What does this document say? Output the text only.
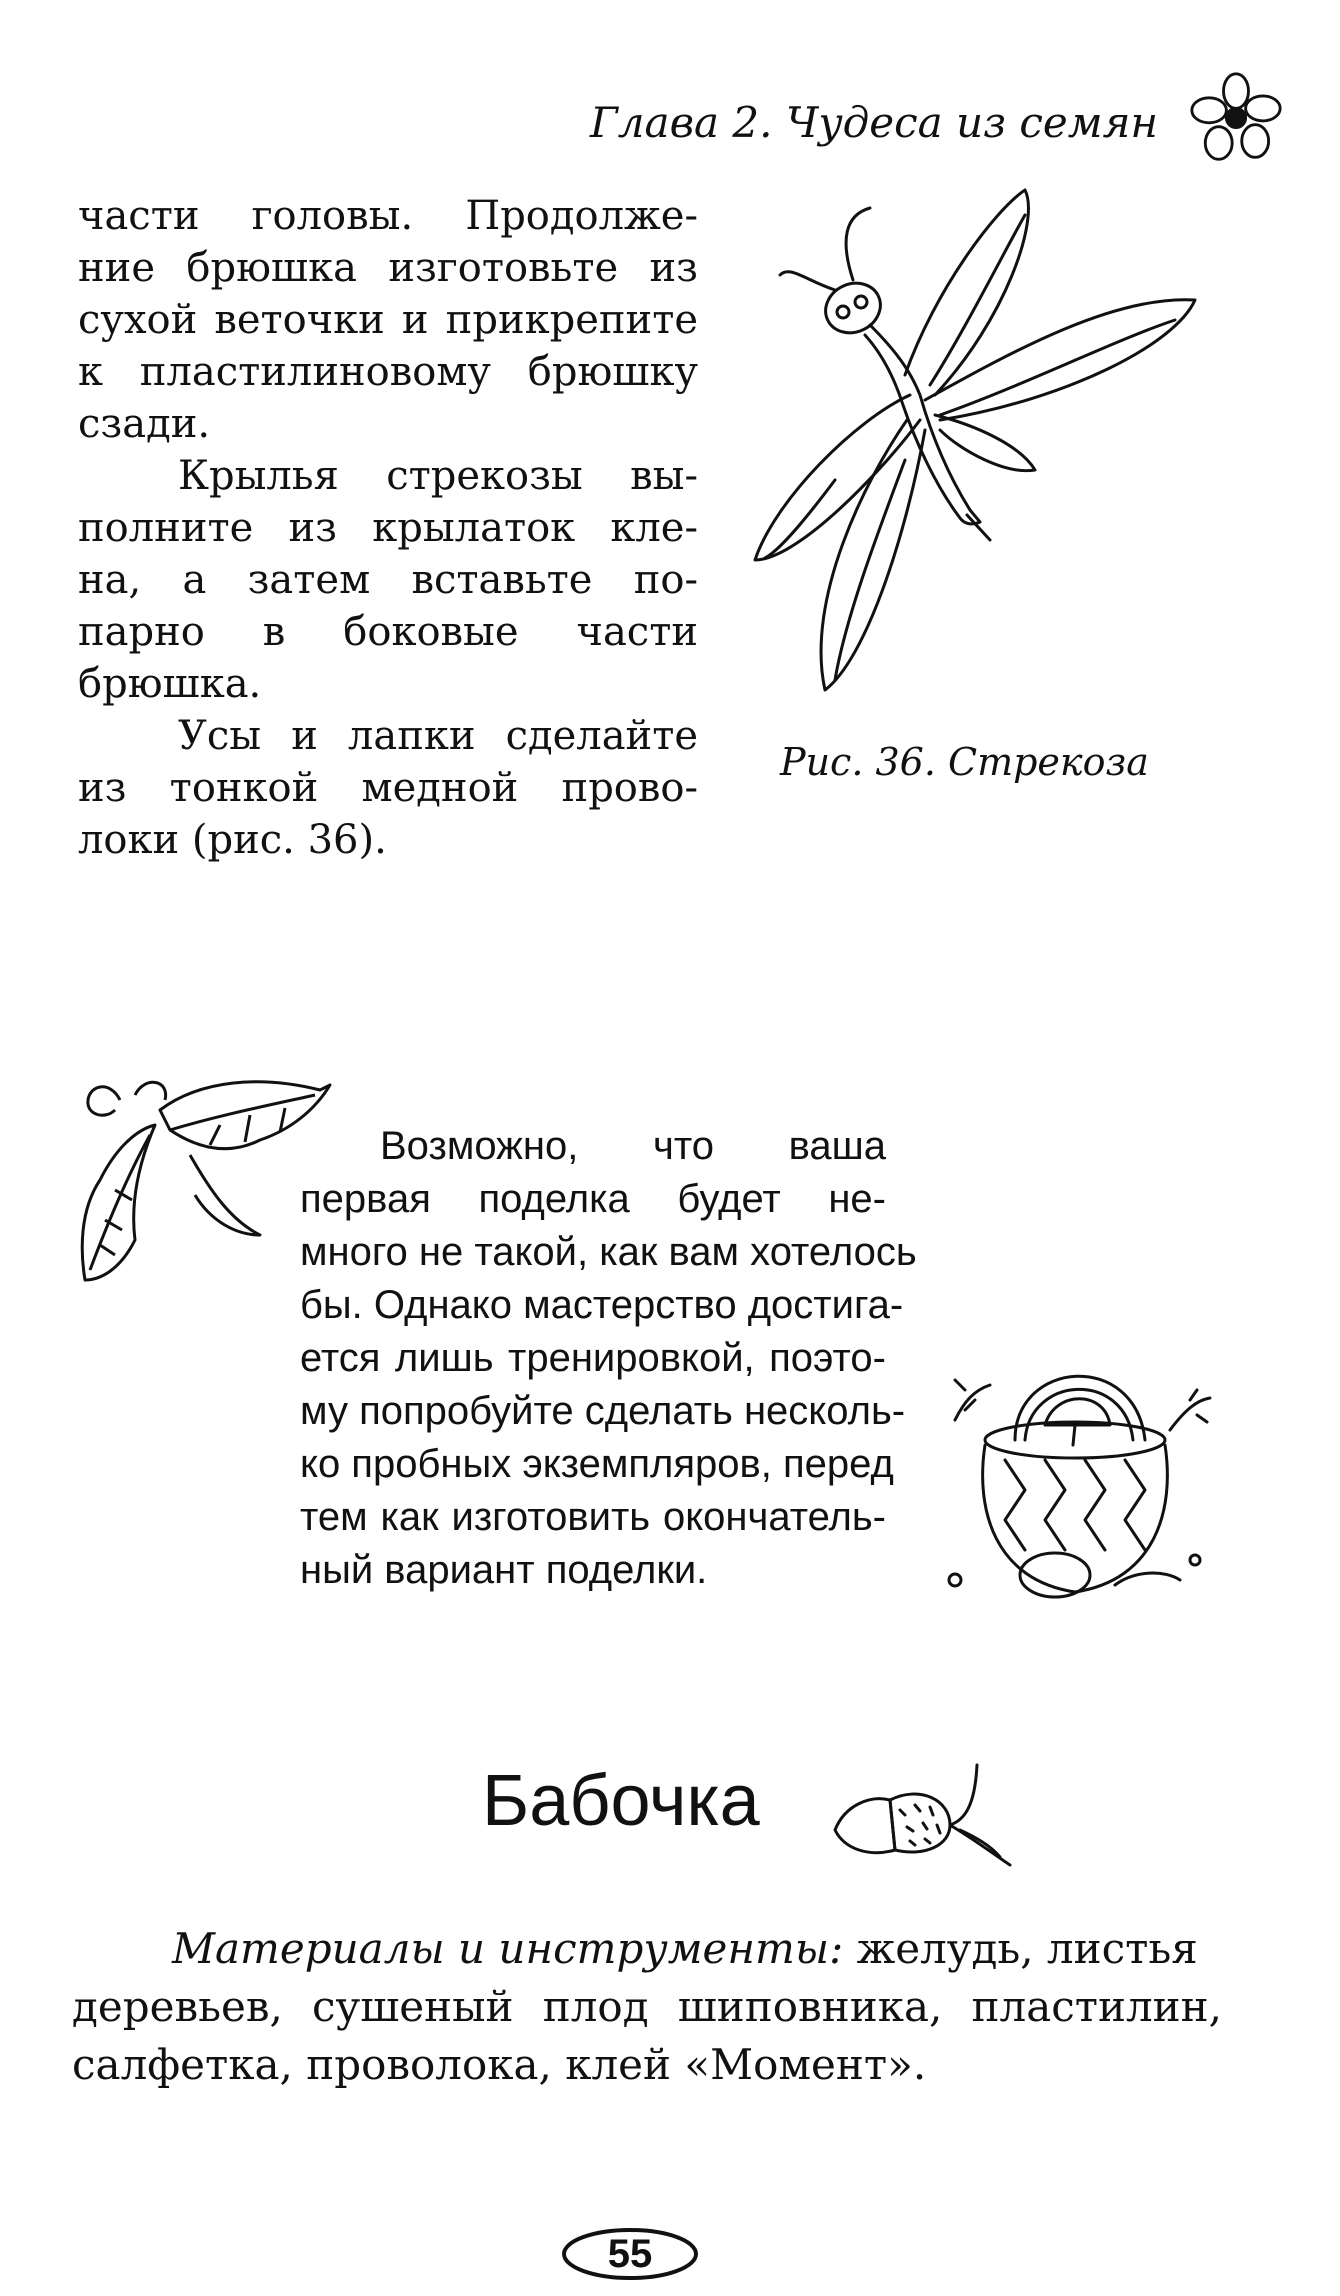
Глава 2. Чудеса из семян
части головы. Продолже-
ние брюшка изготовьте из
сухой веточки и прикрепите
к пластилиновому брюшку
сзади.
Крылья стрекозы вы-
полните из крылаток кле-
на, а затем вставьте по-
парно в боковые части
брюшка.
Усы и лапки сделайте
из тонкой медной прово-
локи (рис. 36).
Рис. 36. Стрекоза
Возможно, что ваша
первая поделка будет не-
много не такой, как вам хотелось
бы. Однако мастерство достига-
ется лишь тренировкой, поэто-
му попробуйте сделать несколь-
ко пробных экземпляров, перед
тем как изготовить окончатель-
ный вариант поделки.
Бабочка
Материалы и инструменты: желудь, листья
деревьев, сушеный плод шиповника, пластилин,
салфетка, проволока, клей «Момент».
55
